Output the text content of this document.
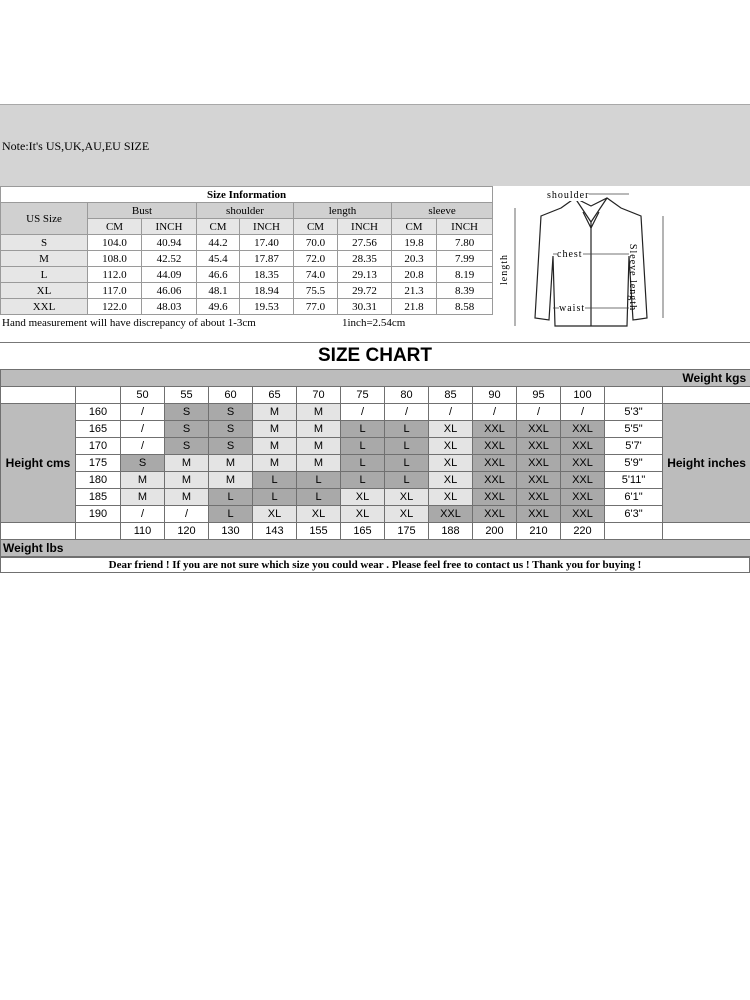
Note:It's US,UK,AU,EU SIZE
Size Information								
US Size	Bust		shoulder		length		sleeve	
	CM	INCH	CM	INCH	CM	INCH	CM	INCH
S	104.0	40.94	44.2	17.40	70.0	27.56	19.8	7.80
M	108.0	42.52	45.4	17.87	72.0	28.35	20.3	7.99
L	112.0	44.09	46.6	18.35	74.0	29.13	20.8	8.19
XL	117.0	46.06	48.1	18.94	75.5	29.72	21.3	8.39
XXL	122.0	48.03	49.6	19.53	77.0	30.31	21.8	8.58
Hand measurement will have discrepancy of about 1-3cm	1inch=2.54cm
shoulder
chest
waist
length	Sleeve length
SIZE CHART
Weight kgs														
		50	55	60	65	70	75	80	85	90	95	100		
Height cms	160	/	S	S	M	M	/	/	/	/	/	/	5'3"	Height inches
	165	/	S	S	M	M	L	L	XL	XXL	XXL	XXL	5'5"	
	170	/	S	S	M	M	L	L	XL	XXL	XXL	XXL	5'7'	
	175	S	M	M	M	M	L	L	XL	XXL	XXL	XXL	5'9"	
	180	M	M	M	L	L	L	L	XL	XXL	XXL	XXL	5'11"	
	185	M	M	L	L	L	XL	XL	XL	XXL	XXL	XXL	6'1"	
	190	/	/	L	XL	XL	XL	XL	XXL	XXL	XXL	XXL	6'3"	
		110	120	130	143	155	165	175	188	200	210	220		
Weight lbs														
Dear friend ! If you are not sure which size you could wear . Please feel free to contact us ! Thank you for buying !
